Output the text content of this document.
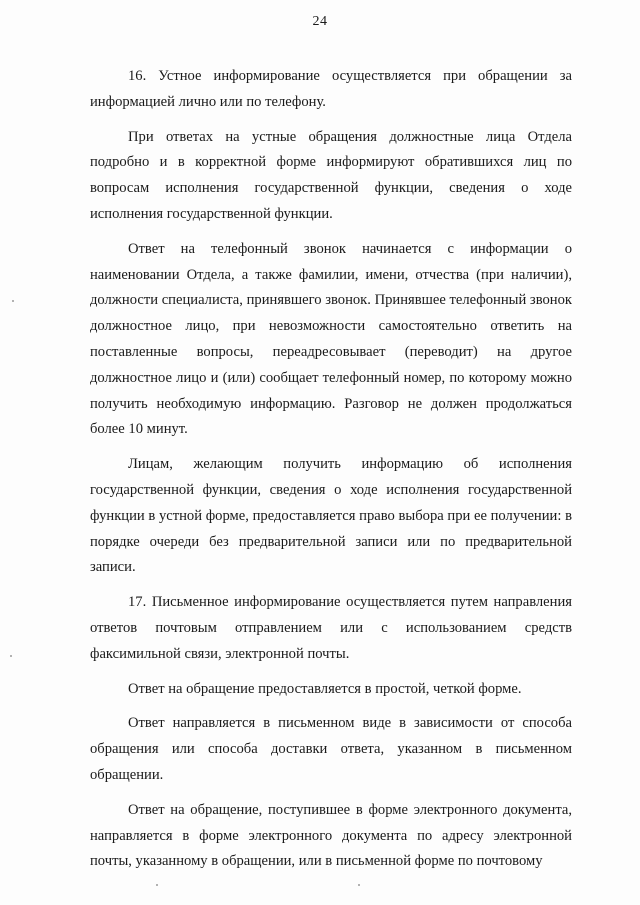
24

16. Устное информирование осуществляется при обращении за информацией лично или по телефону.

При ответах на устные обращения должностные лица Отдела подробно и в корректной форме информируют обратившихся лиц по вопросам исполнения государственной функции, сведения о ходе исполнения государственной функции.

Ответ на телефонный звонок начинается с информации о наименовании Отдела, а также фамилии, имени, отчества (при наличии), должности специалиста, принявшего звонок. Принявшее телефонный звонок должностное лицо, при невозможности самостоятельно ответить на поставленные вопросы, переадресовывает (переводит) на другое должностное лицо и (или) сообщает телефонный номер, по которому можно получить необходимую информацию. Разговор не должен продолжаться более 10 минут.

Лицам, желающим получить информацию об исполнения государственной функции, сведения о ходе исполнения государственной функции в устной форме, предоставляется право выбора при ее получении: в порядке очереди без предварительной записи или по предварительной записи.

17. Письменное информирование осуществляется путем направления ответов почтовым отправлением или с использованием средств факсимильной связи, электронной почты.

Ответ на обращение предоставляется в простой, четкой форме.

Ответ направляется в письменном виде в зависимости от способа обращения или способа доставки ответа, указанном в письменном обращении.

Ответ на обращение, поступившее в форме электронного документа, направляется в форме электронного документа по адресу электронной почты, указанному в обращении, или в письменной форме по почтовому
